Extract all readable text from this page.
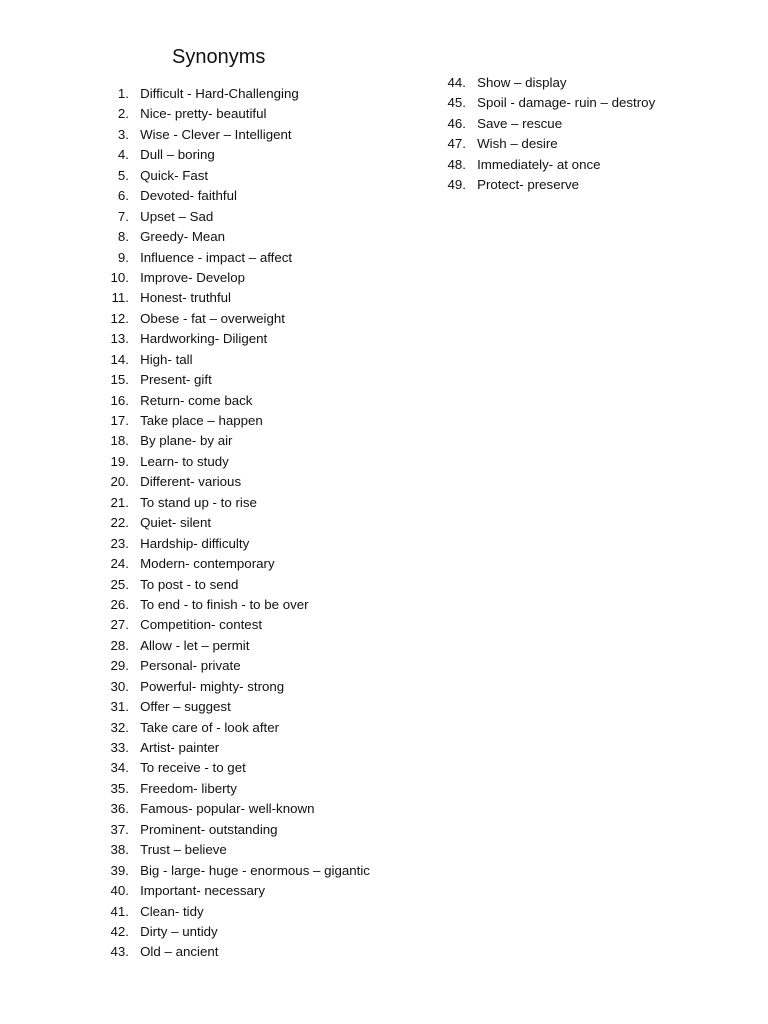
Synonyms
1.
Difficult - Hard-Challenging
2.
Nice- pretty- beautiful
3.
Wise - Clever – Intelligent
4.
Dull – boring
5.
Quick- Fast
6.
Devoted- faithful
7.
Upset – Sad
8.
Greedy- Mean
9.
Influence - impact – affect
10.
Improve- Develop
11.
Honest- truthful
12.
Obese - fat – overweight
13.
Hardworking- Diligent
14.
High- tall
15.
Present- gift
16.
Return- come back
17.
Take place – happen
18.
By plane- by air
19.
Learn- to study
20.
Different- various
21.
To stand up - to rise
22.
Quiet- silent
23.
Hardship- difficulty
24.
Modern- contemporary
25.
To post - to send
26.
To end - to finish - to be over
27.
Competition- contest
28.
Allow - let – permit
29.
Personal- private
30.
Powerful- mighty- strong
31.
Offer – suggest
32.
Take care of - look after
33.
Artist- painter
34.
To receive - to get
35.
Freedom- liberty
36.
Famous- popular- well-known
37.
Prominent- outstanding
38.
Trust – believe
39.
Big - large- huge - enormous – gigantic
40.
Important- necessary
41.
Clean- tidy
42.
Dirty – untidy
43.
Old – ancient
44.
Show – display
45.
Spoil - damage- ruin – destroy
46.
Save – rescue
47.
Wish – desire
48.
Immediately- at once
49.
Protect- preserve
